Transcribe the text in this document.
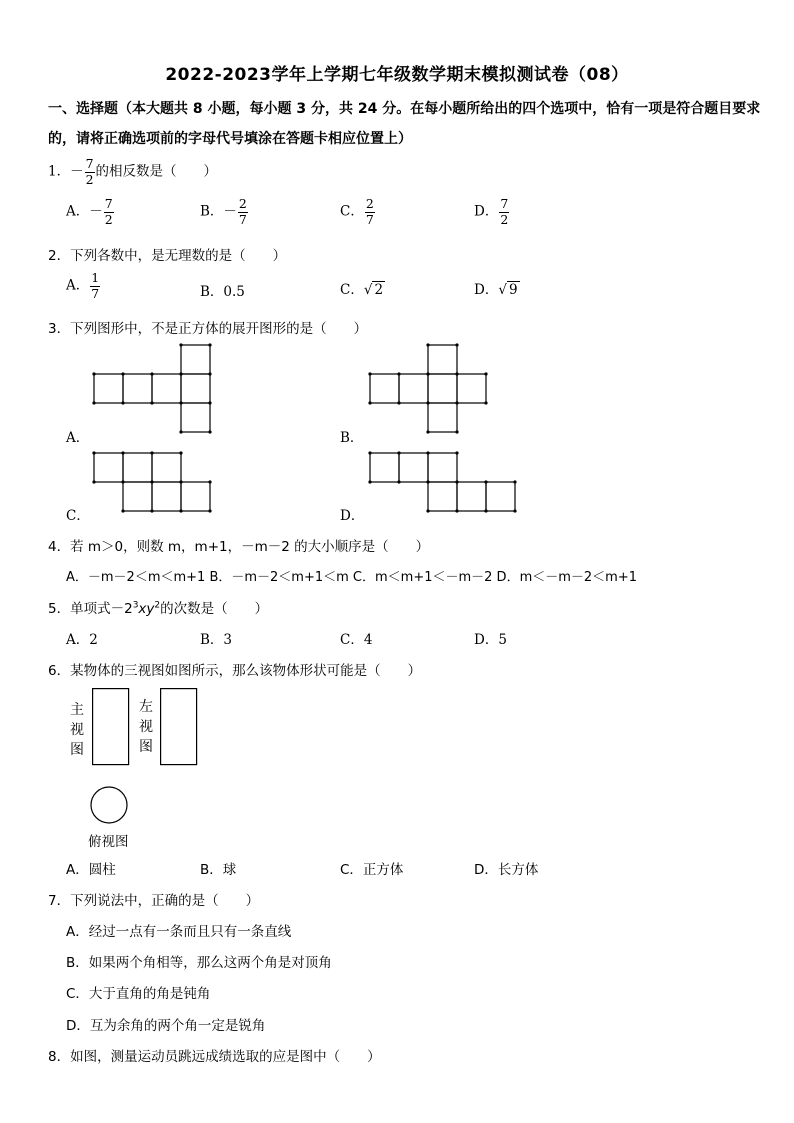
2022-2023学年上学期七年级数学期末模拟测试卷（08）
一、选择题（本大题共 8 小题，每小题 3 分，共 24 分。在每小题所给出的四个选项中，恰有一项是符合题目要求
的，请将正确选项前的字母代号填涂在答题卡相应位置上）
1．－ $\frac{7}{2}$ 的相反数是（　　）
A．－ $\frac{7}{2}$	B．－ $\frac{2}{7}$	C． $\frac{2}{7}$	D． $\frac{7}{2}$
2．下列各数中，是无理数的是（　　）
A． $\frac{1}{7}$	B．0.5	C．√ 2	D．√ 9
3．下列图形中，不是正方体的展开图形的是（　　）
A．	B．
C．	D．
4．若 m＞0，则数 m，m+1，－m－2 的大小顺序是（　　）
A．－m－2＜m＜m+1 B．－m－2＜m+1＜m C．m＜m+1＜－m－2 D．m＜－m－2＜m+1
5．单项式$-2^3xy^2$的次数是（　　）
A．2	B．3	C．4	D．5
6．某物体的三视图如图所示，那么该物体形状可能是（　　）
主
视
图
左
视
图
俯视图
A．圆柱	B．球	C．正方体	D．长方体
7．下列说法中，正确的是（　　）
A．经过一点有一条而且只有一条直线
B．如果两个角相等，那么这两个角是对顶角
C．大于直角的角是钝角
D．互为余角的两个角一定是锐角
8．如图，测量运动员跳远成绩选取的应是图中（　　）
